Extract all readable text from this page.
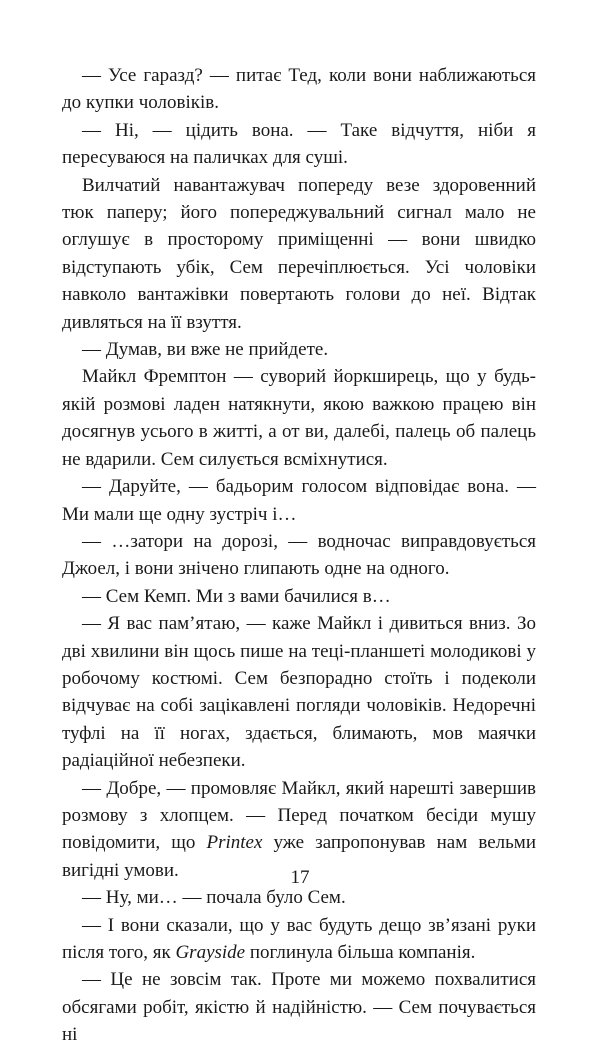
— Усе гаразд? — питає Тед, коли вони наближаються до купки чоловіків.

— Ні, — цідить вона. — Таке відчуття, ніби я пересуваюся на паличках для суші.

Вилчатий навантажувач попереду везе здоровенний тюк паперу; його попереджувальний сигнал мало не оглушує в просторому приміщенні — вони швидко відступають убік, Сем перечіплюється. Усі чоловіки навколо вантажівки повертають голови до неї. Відтак дивляться на її взуття.

— Думав, ви вже не прийдете.

Майкл Фремптон — суворий йоркширець, що у будь-якій розмові ладен натякнути, якою важкою працею він досягнув усього в житті, а от ви, далебі, палець об палець не вдарили. Сем силується всміхнутися.

— Даруйте, — бадьорим голосом відповідає вона. — Ми мали ще одну зустріч і…

— …затори на дорозі, — водночас виправдовується Джоел, і вони знічено глипають одне на одного.

— Сем Кемп. Ми з вами бачилися в…

— Я вас пам’ятаю, — каже Майкл і дивиться вниз. Зо дві хвилини він щось пише на теці-планшеті молодикові у робочому костюмі. Сем безпорадно стоїть і подеколи відчуває на собі зацікавлені погляди чоловіків. Недоречні туфлі на її ногах, здається, блимають, мов маячки радіаційної небезпеки.

— Добре, — промовляє Майкл, який нарешті завершив розмову з хлопцем. — Перед початком бесіди мушу повідомити, що Printex уже запропонував нам вельми вигідні умови.

— Ну, ми… — почала було Сем.

— І вони сказали, що у вас будуть дещо зв’язані руки після того, як Grayside поглинула більша компанія.

— Це не зовсім так. Проте ми можемо похвалитися обсягами робіт, якістю й надійністю. — Сем почувається ні

17
